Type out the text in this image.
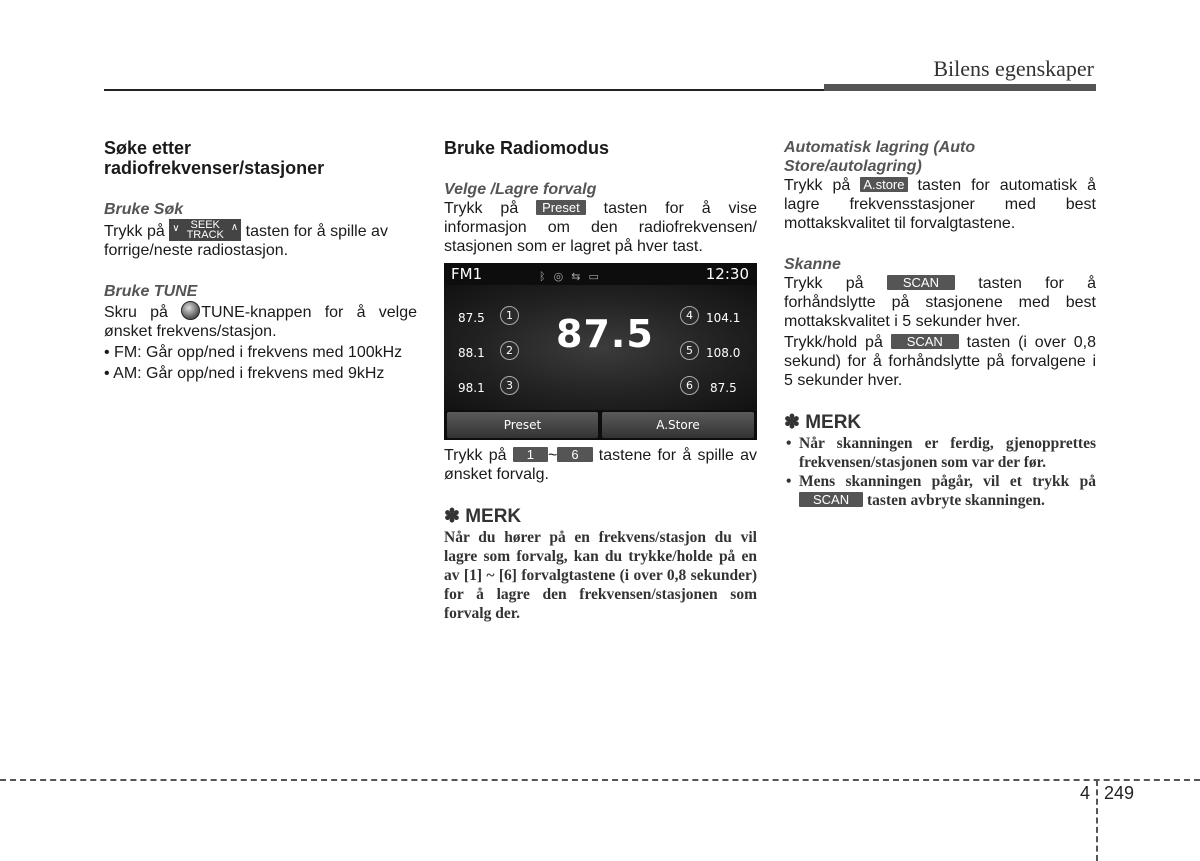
Bilens egenskaper
Søke etter radiofrekvenser/stasjoner
Bruke Søk

Trykk på ∨ SEEK
TRACK
∧ tasten for å spille av forrige/neste radiostasjon.

Bruke TUNE

Skru på TUNE-knappen for å velge ønsket frekvens/stasjon.

• FM: Går opp/ned i frekvens med 100kHz
• AM: Går opp/ned i frekvens med 9kHz
Bruke Radiomodus
Velge /Lagre forvalg

Trykk på Preset tasten for å vise informasjon om den radiofrekvensen/ stasjonen som er lagret på hver tast.

FM1	ᛒ◎⇆▭	12:30
87.5	1
88.1	2
98.1	3
4	104.1
5	108.0
6	87.5
87.5
Preset	A.Store

Trykk på 1 ~ 6 tastene for å spille av ønsket forvalg.

✽ MERK
Når du hører på en frekvens/stasjon du vil lagre som forvalg, kan du trykke/holde på en av [1] ~ [6] forvalgtastene (i over 0,8 sekunder) for å lagre den frekvensen/stasjonen som forvalg der.
Automatisk lagring (Auto Store/autolagring)

Trykk på A.store tasten for automatisk å lagre frekvensstasjoner med best mottakskvalitet til forvalgtastene.

Skanne

Trykk på	SCAN tasten for å forhåndslytte på stasjonene med best mottakskvalitet i 5 sekunder hver.

Trykk/hold på SCAN tasten (i over 0,8 sekund) for å forhåndslytte på forvalgene i 5 sekunder hver.

✽ MERK
• Når skanningen er ferdig, gjenopprettes frekvensen/stasjonen som var der før.
• Mens skanningen pågår, vil et trykk på SCAN tasten avbryte skanningen.
4 249
